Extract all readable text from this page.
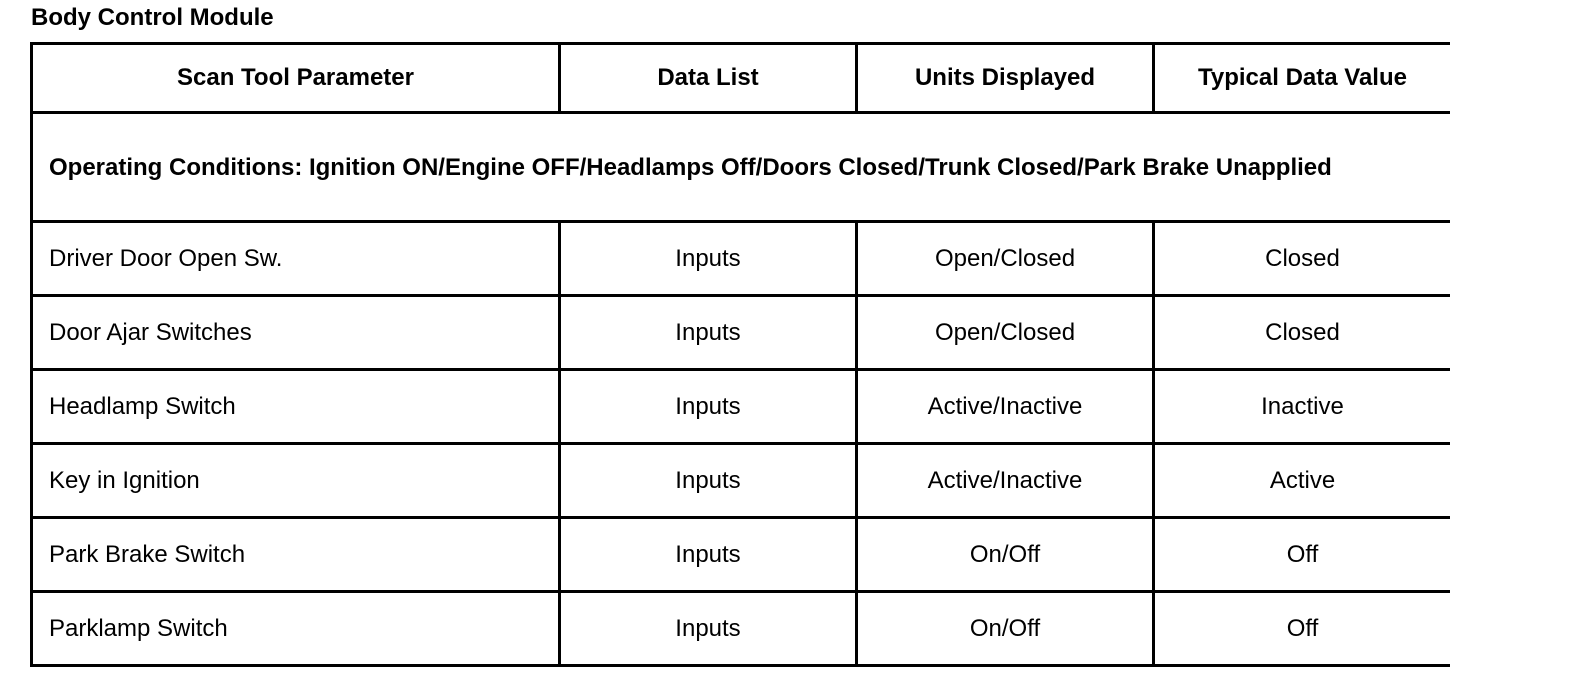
Body Control Module
Scan Tool Parameter	Data List	Units Displayed	Typical Data Value
Operating Conditions: Ignition ON/Engine OFF/Headlamps Off/Doors Closed/Trunk Closed/Park Brake Unapplied			
Driver Door Open Sw.	Inputs	Open/Closed	Closed
Door Ajar Switches	Inputs	Open/Closed	Closed
Headlamp Switch	Inputs	Active/Inactive	Inactive
Key in Ignition	Inputs	Active/Inactive	Active
Park Brake Switch	Inputs	On/Off	Off
Parklamp Switch	Inputs	On/Off	Off
